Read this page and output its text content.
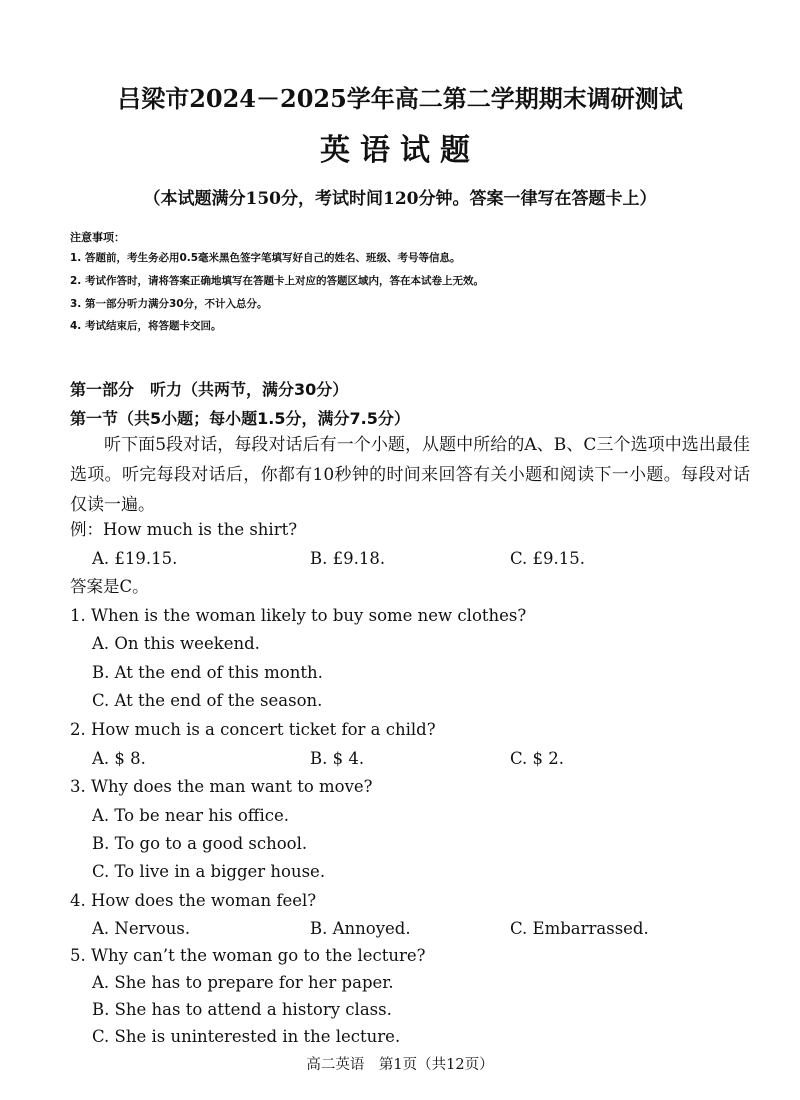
吕梁市2024－2025学年高二第二学期期末调研测试
英语试题
（本试题满分150分，考试时间120分钟。答案一律写在答题卡上）
注意事项：
1. 答题前，考生务必用0.5毫米黑色签字笔填写好自己的姓名、班级、考号等信息。
2. 考试作答时，请将答案正确地填写在答题卡上对应的答题区域内，答在本试卷上无效。
3. 第一部分听力满分30分，不计入总分。
4. 考试结束后，将答题卡交回。
第一部分　听力（共两节，满分30分）
第一节（共5小题；每小题1.5分，满分7.5分）
听下面5段对话，每段对话后有一个小题，从题中所给的A、B、C三个选项中选出最佳选项。听完每段对话后，你都有10秒钟的时间来回答有关小题和阅读下一小题。每段对话仅读一遍。
例：How much is the shirt?
A. £19.15.	B. £9.18.	C. £9.15.
答案是C。
1. When is the woman likely to buy some new clothes?
A. On this weekend.
B. At the end of this month.
C. At the end of the season.
2. How much is a concert ticket for a child?
A. $ 8.	B. $ 4.	C. $ 2.
3. Why does the man want to move?
A. To be near his office.
B. To go to a good school.
C. To live in a bigger house.
4. How does the woman feel?
A. Nervous.	B. Annoyed.	C. Embarrassed.
5. Why can’t the woman go to the lecture?
A. She has to prepare for her paper.
B. She has to attend a history class.
C. She is uninterested in the lecture.
高二英语　第1页（共12页）
